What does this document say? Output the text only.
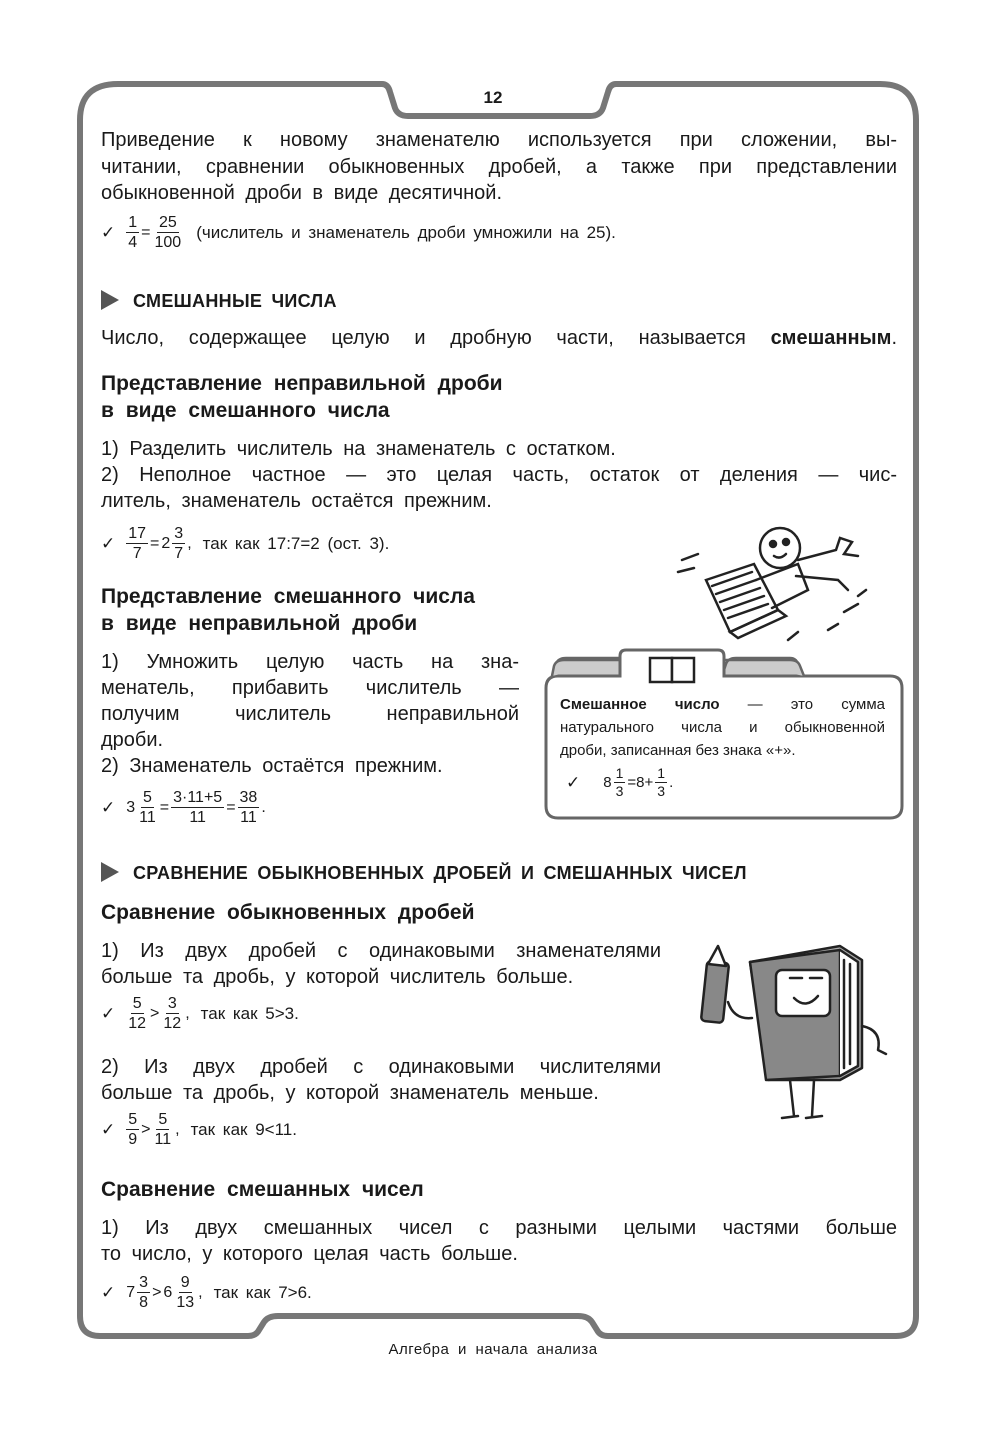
12
Приведение к новому знаменателю используется при сложении, вы-
читании, сравнении обыкновенных дробей, а также при представлении
обыкновенной дроби в виде десятичной.
✓ $\frac{1}{4} = \frac{25}{100}$ (числитель и знаменатель дроби умножили на 25).
СМЕШАННЫЕ ЧИСЛА
Число, содержащее целую и дробную части, называется смешанным.
Представление неправильной дроби
в виде смешанного числа
1) Разделить числитель на знаменатель с остатком.
2) Неполное частное — это целая часть, остаток от деления — чис-
литель, знаменатель остаётся прежним.
✓ $\frac{17}{7} = 2 \frac{3}{7}$ , так как 17:7=2 (ост. 3).
Представление смешанного числа
в виде неправильной дроби
1) Умножить целую часть на зна-
менатель, прибавить числитель —
получим числитель неправильной
дроби.
2) Знаменатель остаётся прежним.
✓ $3 \frac{5}{11} = \frac{3\cdot 11+5}{11} = \frac{38}{11}$ .
Смешанное число — это сумма
натурального числа и обыкновенной
дроби, записанная без знака «+».
✓ $8 \frac{1}{3} =8+ \frac{1}{3}$ .
СРАВНЕНИЕ ОБЫКНОВЕННЫХ ДРОБЕЙ И СМЕШАННЫХ ЧИСЕЛ
Сравнение обыкновенных дробей
1) Из двух дробей с одинаковыми знаменателями
больше та дробь, у которой числитель больше.
✓ $\frac{5}{12} > \frac{3}{12}$ , так как 5>3.
2) Из двух дробей с одинаковыми числителями
больше та дробь, у которой знаменатель меньше.
✓ $\frac{5}{9} > \frac{5}{11}$ , так как 9<11.
Сравнение смешанных чисел
1) Из двух смешанных чисел с разными целыми частями больше
то число, у которого целая часть больше.
✓ $7 \frac{3}{8} > 6 \frac{9}{13}$ , так как 7>6.
Алгебра и начала анализа
